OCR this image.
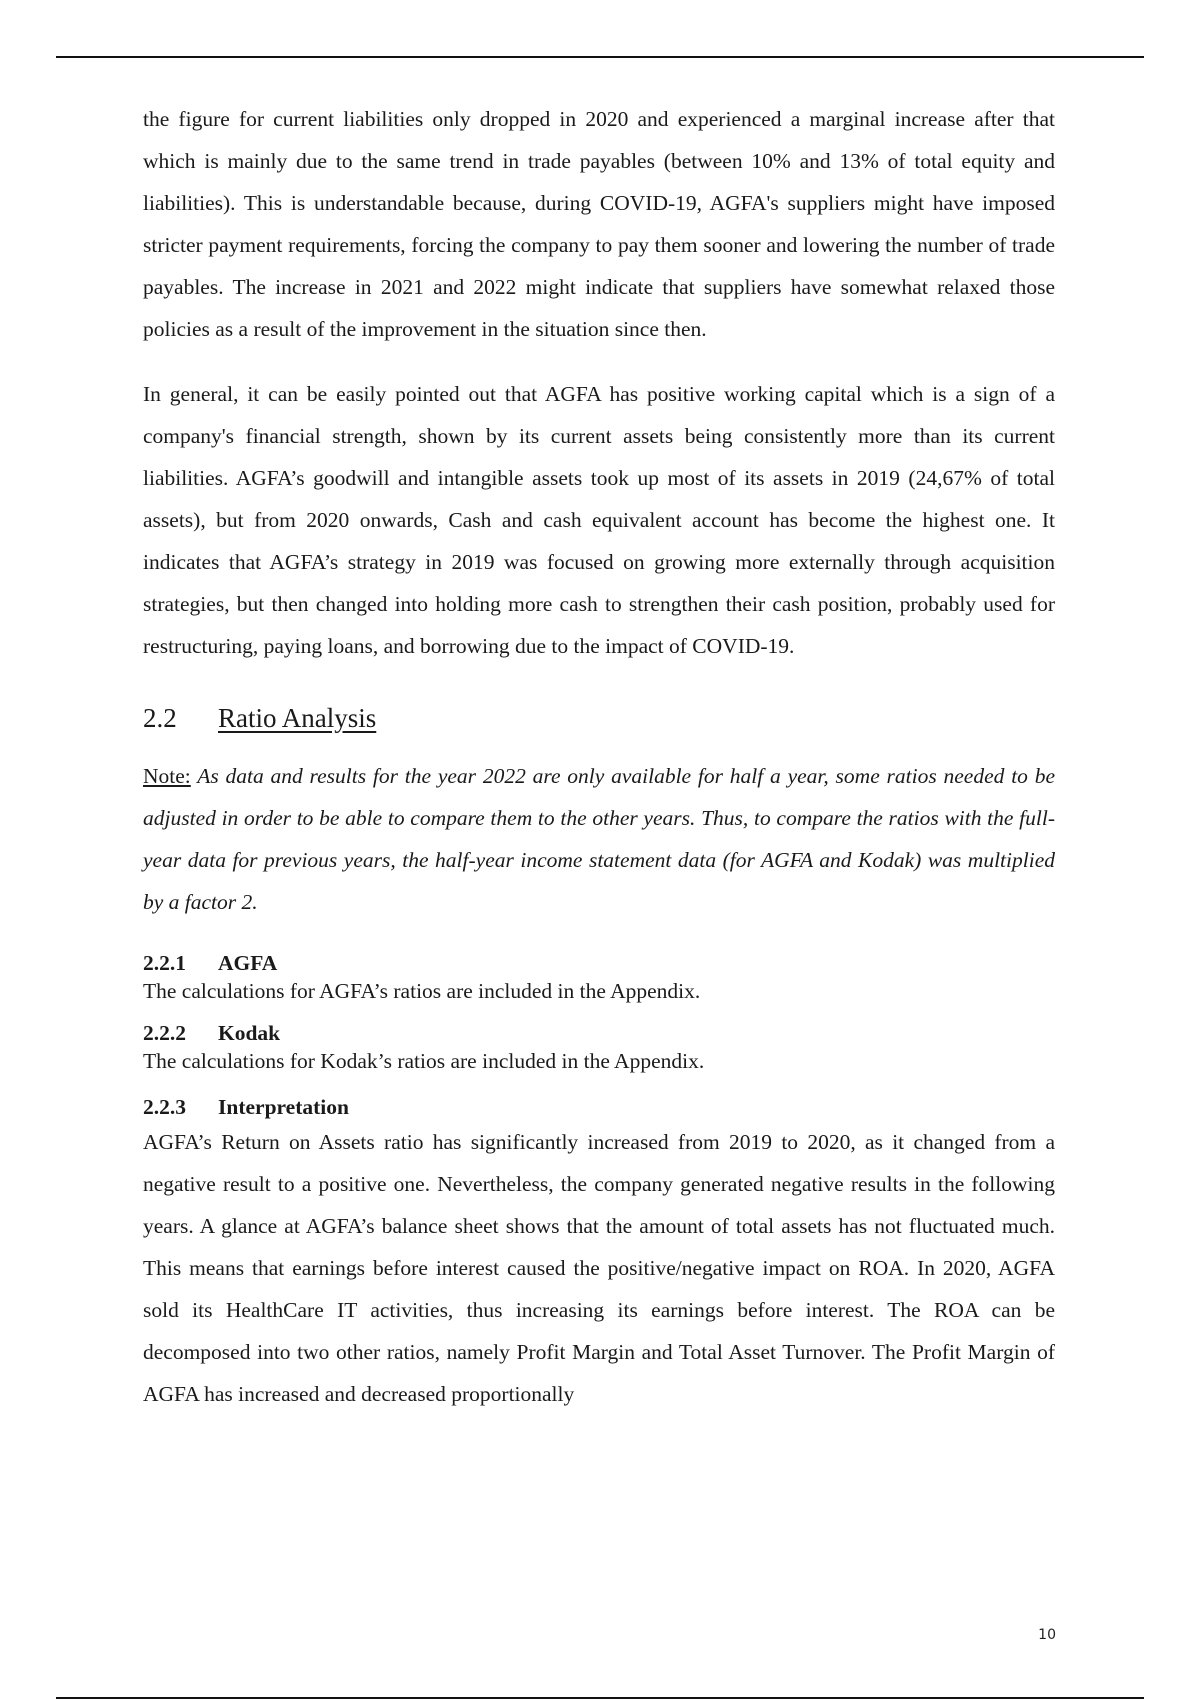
the figure for current liabilities only dropped in 2020 and experienced a marginal increase after that which is mainly due to the same trend in trade payables (between 10% and 13% of total equity and liabilities). This is understandable because, during COVID-19, AGFA's suppliers might have imposed stricter payment requirements, forcing the company to pay them sooner and lowering the number of trade payables. The increase in 2021 and 2022 might indicate that suppliers have somewhat relaxed those policies as a result of the improvement in the situation since then.

In general, it can be easily pointed out that AGFA has positive working capital which is a sign of a company's financial strength, shown by its current assets being consistently more than its current liabilities. AGFA’s goodwill and intangible assets took up most of its assets in 2019 (24,67% of total assets), but from 2020 onwards, Cash and cash equivalent account has become the highest one. It indicates that AGFA’s strategy in 2019 was focused on growing more externally through acquisition strategies, but then changed into holding more cash to strengthen their cash position, probably used for restructuring, paying loans, and borrowing due to the impact of COVID-19.

2.2	Ratio Analysis
Note: As data and results for the year 2022 are only available for half a year, some ratios needed to be adjusted in order to be able to compare them to the other years. Thus, to compare the ratios with the full-year data for previous years, the half-year income statement data (for AGFA and Kodak) was multiplied by a factor 2.
2.2.1	AGFA

The calculations for AGFA’s ratios are included in the Appendix.

2.2.2	Kodak

The calculations for Kodak’s ratios are included in the Appendix.

2.2.3	Interpretation

AGFA’s Return on Assets ratio has significantly increased from 2019 to 2020, as it changed from a negative result to a positive one. Nevertheless, the company generated negative results in the following years. A glance at AGFA’s balance sheet shows that the amount of total assets has not fluctuated much. This means that earnings before interest caused the positive/negative impact on ROA. In 2020, AGFA sold its HealthCare IT activities, thus increasing its earnings before interest. The ROA can be decomposed into two other ratios, namely Profit Margin and Total Asset Turnover. The Profit Margin of AGFA has increased and decreased proportionally

10
